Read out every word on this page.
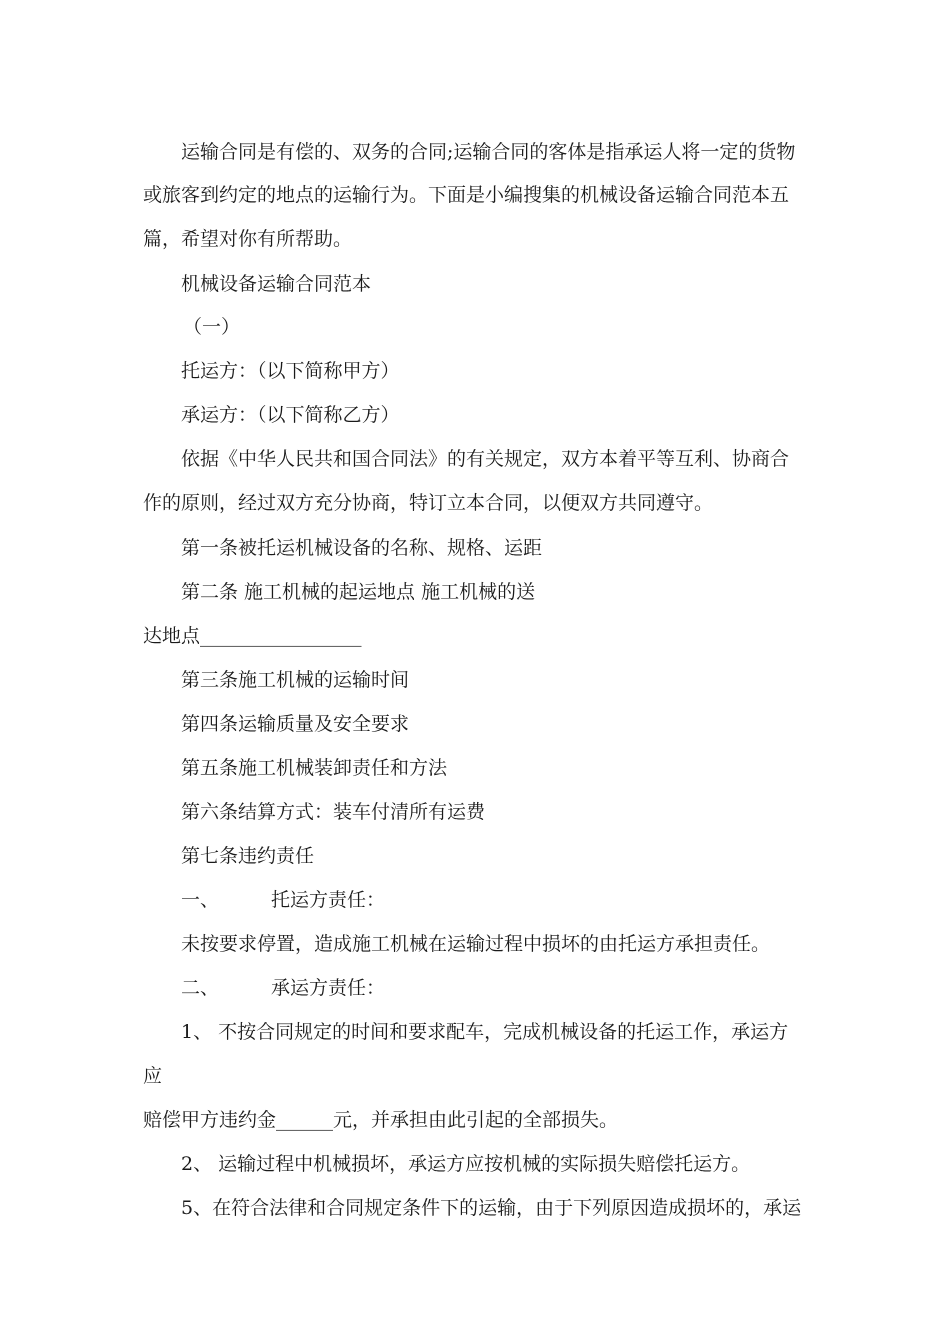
运输合同是有偿的、双务的合同;运输合同的客体是指承运人将一定的货物
或旅客到约定的地点的运输行为。下面是小编搜集的机械设备运输合同范本五
篇，希望对你有所帮助。
机械设备运输合同范本
（一）
托运方：（以下简称甲方）
承运方：（以下简称乙方）
依据《中华人民共和国合同法》的有关规定，双方本着平等互利、协商合
作的原则，经过双方充分协商，特订立本合同，以便双方共同遵守。
第一条被托运机械设备的名称、规格、运距
第二条 施工机械的起运地点 施工机械的送
达地点_________________
第三条施工机械的运输时间
第四条运输质量及安全要求
第五条施工机械装卸责任和方法
第六条结算方式：装车付清所有运费
第七条违约责任
一、	托运方责任：
未按要求停置，造成施工机械在运输过程中损坏的由托运方承担责任。
二、	承运方责任：
1、 不按合同规定的时间和要求配车，完成机械设备的托运工作，承运方
应
赔偿甲方违约金______元，并承担由此引起的全部损失。
2、 运输过程中机械损坏，承运方应按机械的实际损失赔偿托运方。
5、在符合法律和合同规定条件下的运输，由于下列原因造成损坏的，承运
